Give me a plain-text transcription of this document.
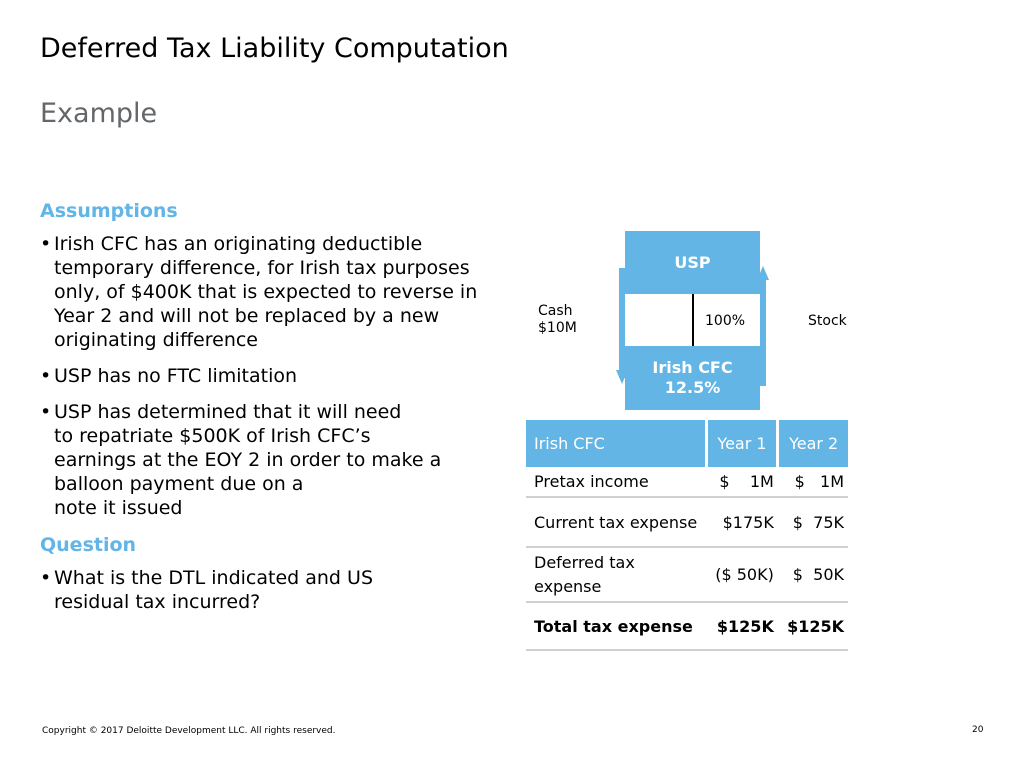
Deferred Tax Liability Computation
Example
Assumptions
• Irish CFC has an originating deductible
temporary difference, for Irish tax purposes
only, of $400K that is expected to reverse in
Year 2 and will not be replaced by a new
originating difference
• USP has no FTC limitation
• USP has determined that it will need
to repatriate $500K of Irish CFC’s
earnings at the EOY 2 in order to make a
balloon payment due on a
note it issued
Question
• What is the DTL indicated and US
residual tax incurred?
USP
100%
Irish CFC
12.5%
Cash
$10M	Stock
Irish CFC	Year 1	Year 2
Pretax income	$    1M	$   1M
Current tax expense	$175K	$  75K

Deferred tax
expense	($ 50K)	$  50K
Total tax expense	$125K	$125K
Copyright © 2017 Deloitte Development LLC. All rights reserved.	20
